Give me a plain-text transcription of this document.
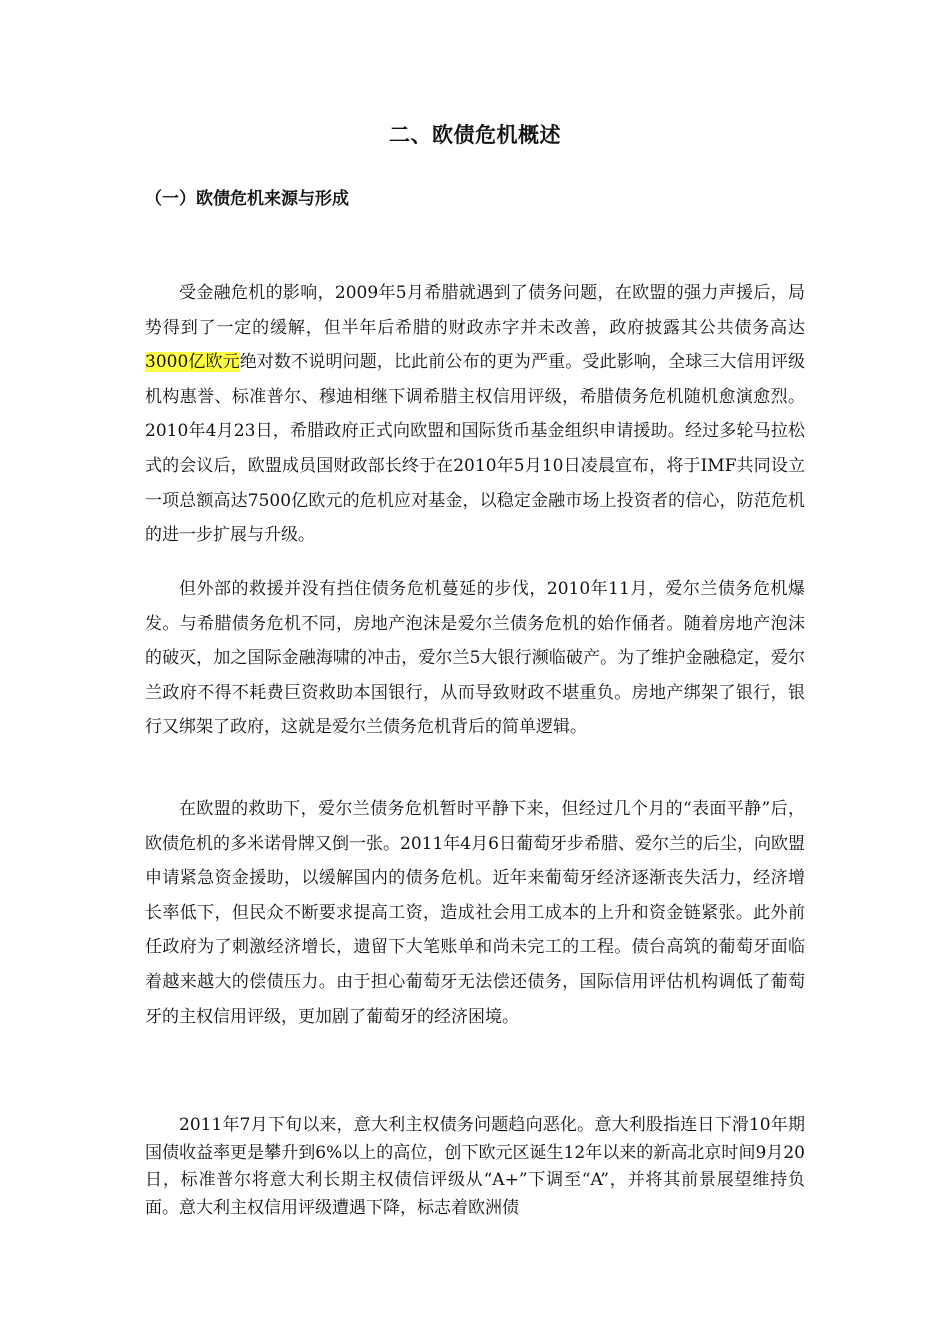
二、欧债危机概述
（一）欧债危机来源与形成

受金融危机的影响，2009年5月希腊就遇到了债务问题，在欧盟的强力声援后，局势得到了一定的缓解，但半年后希腊的财政赤字并未改善，政府披露其公共债务高达3000亿欧元绝对数不说明问题，比此前公布的更为严重。受此影响，全球三大信用评级机构惠誉、标准普尔、穆迪相继下调希腊主权信用评级，希腊债务危机随机愈演愈烈。2010年4月23日，希腊政府正式向欧盟和国际货币基金组织申请援助。经过多轮马拉松式的会议后，欧盟成员国财政部长终于在2010年5月10日凌晨宣布，将于IMF共同设立一项总额高达7500亿欧元的危机应对基金，以稳定金融市场上投资者的信心，防范危机的进一步扩展与升级。

但外部的救援并没有挡住债务危机蔓延的步伐，2010年11月，爱尔兰债务危机爆发。与希腊债务危机不同，房地产泡沫是爱尔兰债务危机的始作俑者。随着房地产泡沫的破灭，加之国际金融海啸的冲击，爱尔兰5大银行濒临破产。为了维护金融稳定，爱尔兰政府不得不耗费巨资救助本国银行，从而导致财政不堪重负。房地产绑架了银行，银行又绑架了政府，这就是爱尔兰债务危机背后的简单逻辑。

在欧盟的救助下，爱尔兰债务危机暂时平静下来，但经过几个月的“表面平静”后，欧债危机的多米诺骨牌又倒一张。2011年4月6日葡萄牙步希腊、爱尔兰的后尘，向欧盟申请紧急资金援助，以缓解国内的债务危机。近年来葡萄牙经济逐渐丧失活力，经济增长率低下，但民众不断要求提高工资，造成社会用工成本的上升和资金链紧张。此外前任政府为了刺激经济增长，遗留下大笔账单和尚未完工的工程。债台高筑的葡萄牙面临着越来越大的偿债压力。由于担心葡萄牙无法偿还债务，国际信用评估机构调低了葡萄牙的主权信用评级，更加剧了葡萄牙的经济困境。

2011年7月下旬以来，意大利主权债务问题趋向恶化。意大利股指连日下滑10年期国债收益率更是攀升到6%以上的高位，创下欧元区诞生12年以来的新高北京时间9月20日，标准普尔将意大利长期主权债信评级从“A+”下调至“A”，并将其前景展望维持负面。意大利主权信用评级遭遇下降，标志着欧洲债
